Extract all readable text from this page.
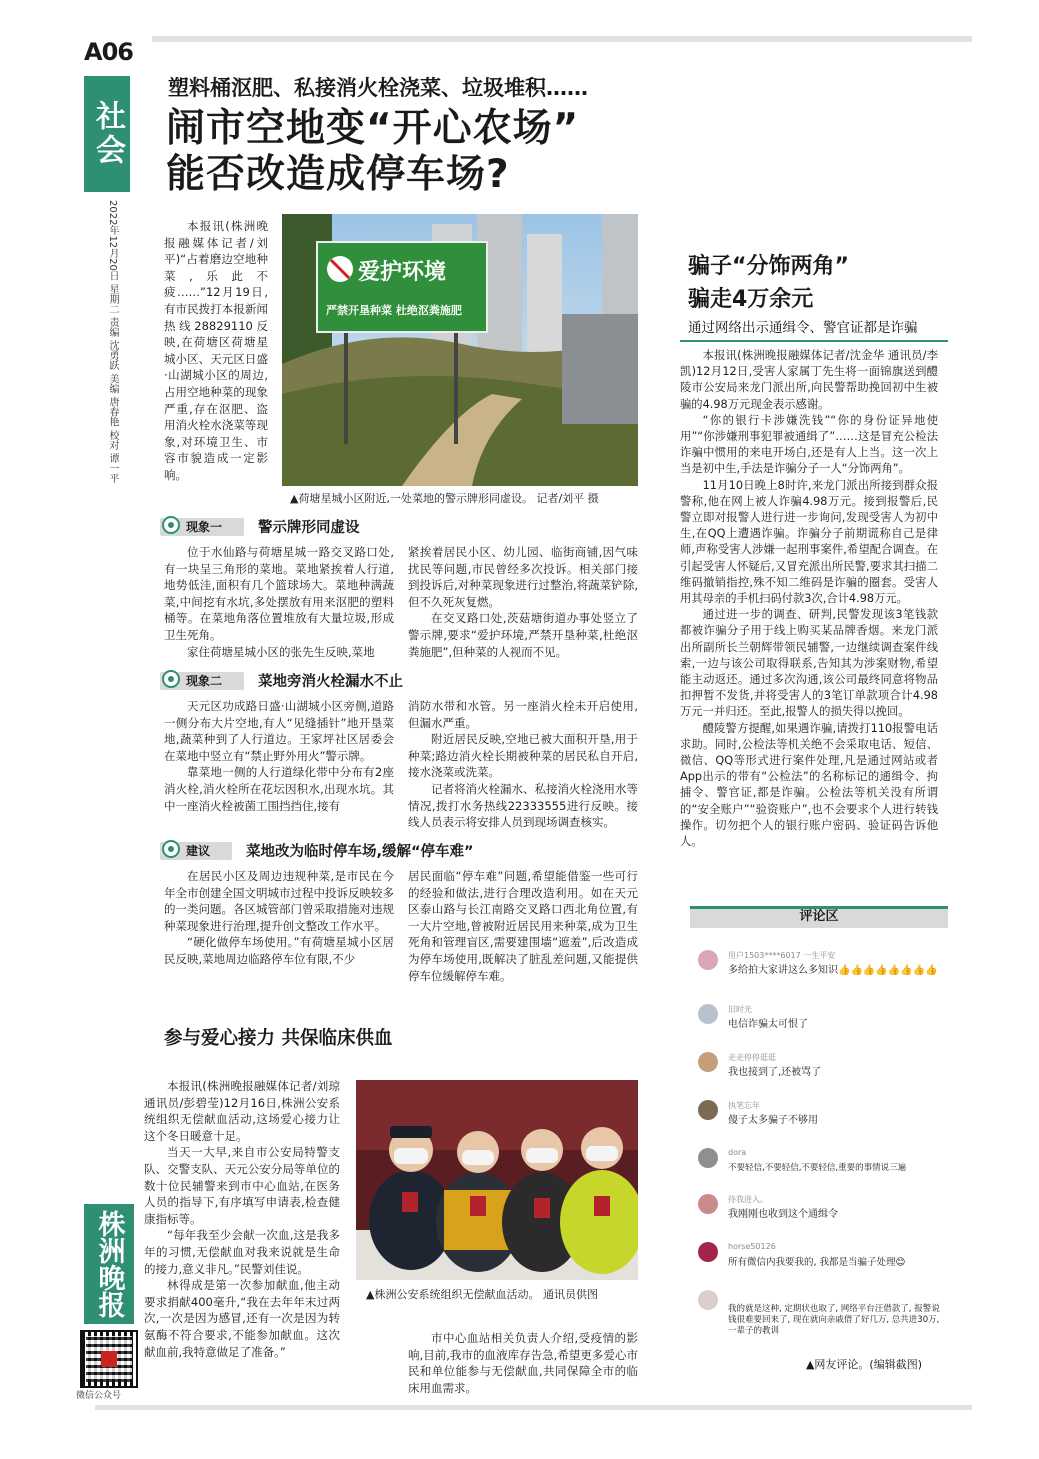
A06
社会
2022年12月20日 星期二 责编 沈勇跃 美编 唐春艳 校对 谭一平
株洲晚报
微信公众号
塑料桶沤肥、私接消火栓浇菜、垃圾堆积……
闹市空地变“开心农场”
能否改造成停车场?

本报讯(株洲晚报融媒体记者/刘平)“占着磨边空地种菜,乐此不疲……”12月19日,有市民拨打本报新闻热线28829110反映,在荷塘区荷塘星城小区、天元区日盛·山湖城小区的周边,占用空地种菜的现象严重,存在沤肥、盗用消火栓水浇菜等现象,对环境卫生、市容市貌造成一定影响。

爱护环境
严禁开垦种菜 杜绝沤粪施肥
▲荷塘星城小区附近,一处菜地的警示牌形同虚设。 记者/刘平 摄
现象一	警示牌形同虚设

位于水仙路与荷塘星城一路交叉路口处,有一块呈三角形的菜地。菜地紧挨着人行道,地势低洼,面积有几个篮球场大。菜地种满蔬菜,中间挖有水坑,多处摆放有用来沤肥的塑料桶等。在菜地角落位置堆放有大量垃圾,形成卫生死角。

家住荷塘星城小区的张先生反映,菜地

紧挨着居民小区、幼儿园、临街商铺,因气味扰民等问题,市民曾经多次投诉。相关部门接到投诉后,对种菜现象进行过整治,将蔬菜铲除,但不久死灰复燃。

在交叉路口处,茨菇塘街道办事处竖立了警示牌,要求“爱护环境,严禁开垦种菜,杜绝沤粪施肥”,但种菜的人视而不见。

现象二	菜地旁消火栓漏水不止

天元区功成路日盛·山湖城小区旁侧,道路一侧分布大片空地,有人“见缝插针”地开垦菜地,蔬菜种到了人行道边。王家坪社区居委会在菜地中竖立有“禁止野外用火”警示牌。

靠菜地一侧的人行道绿化带中分布有2座消火栓,消火栓所在花坛因积水,出现水坑。其中一座消火栓被菌工围挡挡住,接有

消防水带和水管。另一座消火栓未开启使用,但漏水严重。

附近居民反映,空地已被大面积开垦,用于种菜;路边消火栓长期被种菜的居民私自开启,接水浇菜或洗菜。

记者将消火栓漏水、私接消火栓浇用水等情况,拨打水务热线22333555进行反映。接线人员表示将安排人员到现场调查核实。

建议	菜地改为临时停车场,缓解“停车难”

在居民小区及周边违规种菜,是市民在今年全市创建全国文明城市过程中投诉反映较多的一类问题。各区城管部门曾采取措施对违规种菜现象进行治理,提升创文整改工作水平。

“硬化做停车场使用。”有荷塘星城小区居民反映,菜地周边临路停车位有限,不少

居民面临“停车难”问题,希望能借鉴一些可行的经验和做法,进行合理改造利用。如在天元区泰山路与长江南路交叉路口西北角位置,有一大片空地,曾被附近居民用来种菜,成为卫生死角和管理盲区,需要建围墙“遮羞”,后改造成为停车场使用,既解决了脏乱差问题,又能提供停车位缓解停车难。

骗子“分饰两角”
骗走4万余元
通过网络出示通缉令、警官证都是诈骗

本报讯(株洲晚报融媒体记者/沈金华 通讯员/李凯)12月12日,受害人家属丁先生将一面锦旗送到醴陵市公安局来龙门派出所,向民警帮助挽回初中生被骗的4.98万元现金表示感谢。

“你的银行卡涉嫌洗钱”“你的身份证异地使用”“你涉嫌刑事犯罪被通缉了”……这是冒充公检法诈骗中惯用的来电开场白,还是有人上当。这一次上当是初中生,手法是诈骗分子一人“分饰两角”。

11月10日晚上8时许,来龙门派出所接到群众报警称,他在网上被人诈骗4.98万元。接到报警后,民警立即对报警人进行进一步询问,发现受害人为初中生,在QQ上遭遇诈骗。诈骗分子前期谎称自己是律师,声称受害人涉嫌一起刑事案件,希望配合调查。在引起受害人怀疑后,又冒充派出所民警,要求其扫描二维码撤销指控,殊不知二维码是诈骗的圈套。受害人用其母亲的手机扫码付款3次,合计4.98万元。

通过进一步的调查、研判,民警发现该3笔钱款都被诈骗分子用于线上购买某品牌香烟。来龙门派出所副所长兰朝辉带领民辅警,一边继续调查案件线索,一边与该公司取得联系,告知其为涉案财物,希望能主动返还。通过多次沟通,该公司最终同意将物品扣押暂不发货,并将受害人的3笔订单款项合计4.98万元一并归还。至此,报警人的损失得以挽回。

醴陵警方提醒,如果遇诈骗,请拨打110报警电话求助。同时,公检法等机关绝不会采取电话、短信、微信、QQ等形式进行案件处理,凡是通过网站或者App出示的带有“公检法”的名称标记的通缉令、拘捕令、警官证,都是诈骗。公检法等机关没有所谓的“安全账户”“验资账户”,也不会要求个人进行转钱操作。切勿把个人的银行账户密码、验证码告诉他人。

评论区
用户1503****6017 一生平安
多给拍大家讲这么多知识👍👍👍👍👍👍👍👍
旧时光
电信诈骗太可恨了
走走停停逛逛
我也接到了,还被骂了
执笔忘年
傻子太多骗子不够用
dora
不要轻信,不要轻信,不要轻信,重要的事情说三遍
待我进入。
我刚刚也收到这个通缉令
horse50126
所有微信内我要我的, 我都是当骗子处理😊
我的就是这种, 定期状也取了, 网络平台汪借款了, 报警说钱很难要回来了, 现在就向亲戚借了好几万, 总共进30万, 一辈子的教训
▲网友评论。(编辑截图)
参与爱心接力 共保临床供血

本报讯(株洲晚报融媒体记者/刘琼 通讯员/彭碧莹)12月16日,株洲公安系统组织无偿献血活动,这场爱心接力让这个冬日暖意十足。

当天一大早,来自市公安局特警支队、交警支队、天元公安分局等单位的数十位民辅警来到市中心血站,在医务人员的指导下,有序填写申请表,检查健康指标等。

“每年我至少会献一次血,这是我多年的习惯,无偿献血对我来说就是生命的接力,意义非凡。”民警刘佳说。

林得成是第一次参加献血,他主动要求捐献400毫升,“我在去年年末过两次,一次是因为感冒,还有一次是因为转氨酶不符合要求,不能参加献血。这次献血前,我特意做足了准备。”

▲株洲公安系统组织无偿献血活动。 通讯员供图

市中心血站相关负责人介绍,受疫情的影响,目前,我市的血液库存告急,希望更多爱心市民和单位能参与无偿献血,共同保障全市的临床用血需求。
